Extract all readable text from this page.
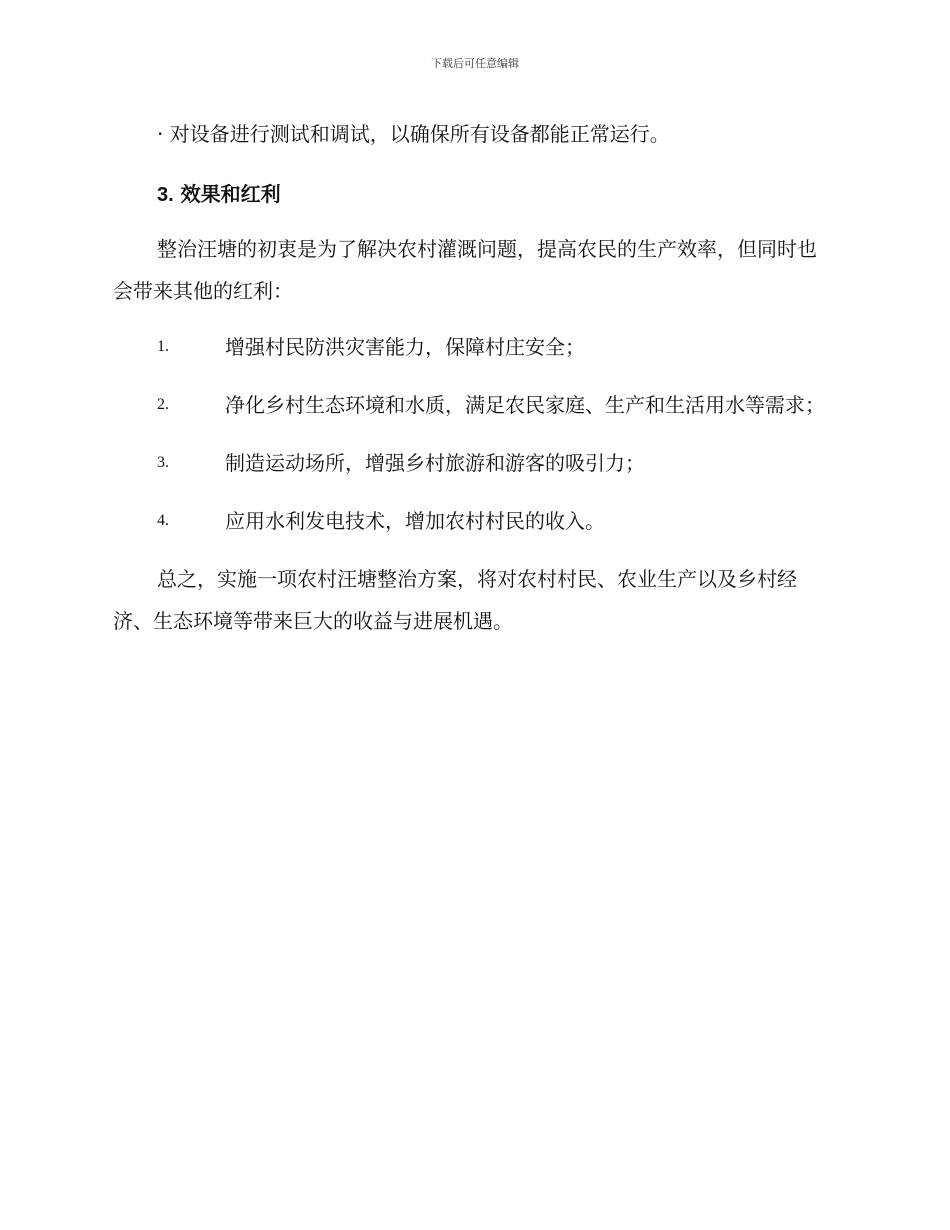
下载后可任意编辑

· 对设备进行测试和调试，以确保所有设备都能正常运行。

3. 效果和红利

整治汪塘的初衷是为了解决农村灌溉问题，提高农民的生产效率，但同时也会带来其他的红利：

1.	增强村民防洪灾害能力，保障村庄安全；
2.	净化乡村生态环境和水质，满足农民家庭、生产和生活用水等需求；
3.	制造运动场所，增强乡村旅游和游客的吸引力；
4.	应用水利发电技术，增加农村村民的收入。

总之，实施一项农村汪塘整治方案，将对农村村民、农业生产以及乡村经济、生态环境等带来巨大的收益与进展机遇。
